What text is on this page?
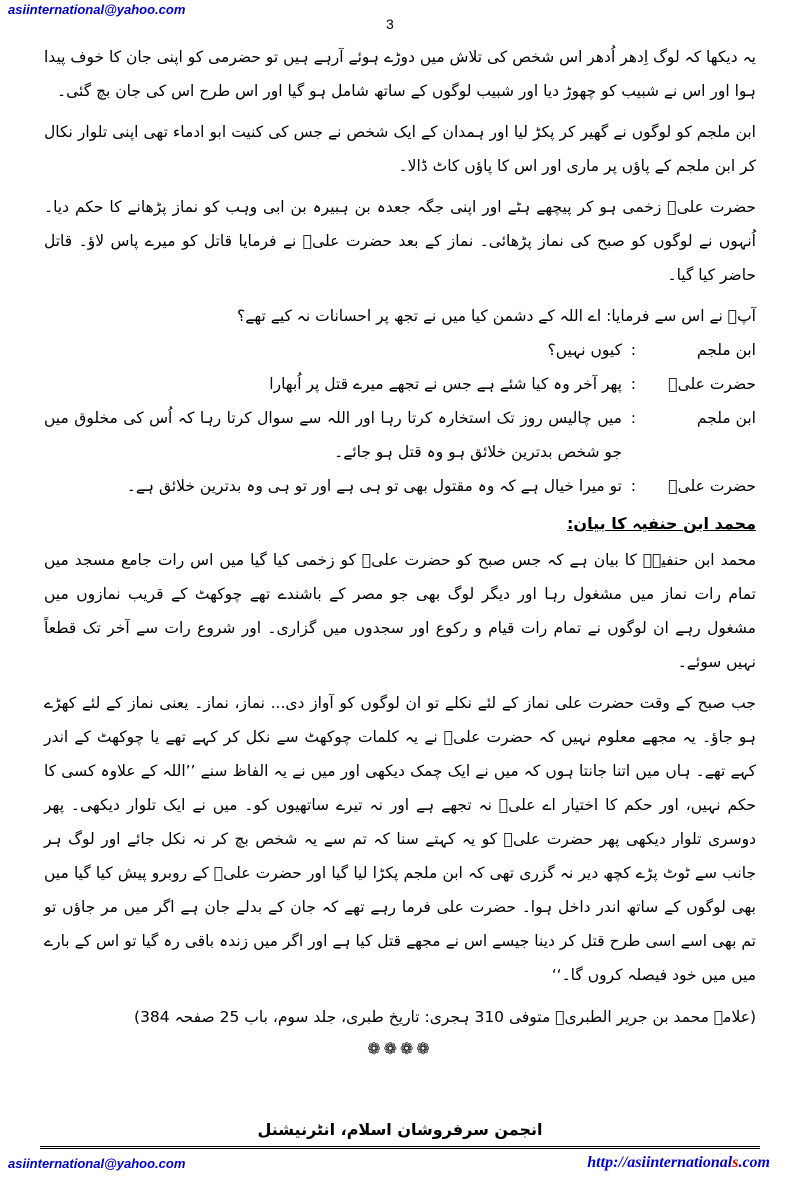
asiinternational@yahoo.com
3

یہ دیکھا کہ لوگ اِدھر اُدھر اس شخص کی تلاش میں دوڑے ہوئے آرہے ہیں تو حضرمی کو اپنی جان کا خوف پیدا ہوا اور اس نے شبیب کو چھوڑ دیا اور شبیب لوگوں کے ساتھ شامل ہو گیا اور اس طرح اس کی جان بچ گئی۔

ابن ملجم کو لوگوں نے گھیر کر پکڑ لیا اور ہمدان کے ایک شخص نے جس کی کنیت ابو ادماء تھی اپنی تلوار نکال کر ابن ملجم کے پاؤں پر ماری اور اس کا پاؤں کاٹ ڈالا۔

حضرت علیؑ زخمی ہو کر پیچھے ہٹے اور اپنی جگہ جعدہ بن ہبیرہ بن ابی وہب کو نماز پڑھانے کا حکم دیا۔ اُنہوں نے لوگوں کو صبح کی نماز پڑھائی۔ نماز کے بعد حضرت علیؑ نے فرمایا قاتل کو میرے پاس لاؤ۔ قاتل حاضر کیا گیا۔

آپؑ نے اس سے فرمایا: اے اللہ کے دشمن کیا میں نے تجھ پر احسانات نہ کیے تھے؟

ابن ملجم
:
کیوں نہیں؟
حضرت علیؑ
:
پھر آخر وہ کیا شئے ہے جس نے تجھے میرے قتل پر اُبھارا
ابن ملجم
:
میں چالیس روز تک استخارہ کرتا رہا اور اللہ سے سوال کرتا رہا کہ اُس کی مخلوق میں جو شخص بدترین خلائق ہو وہ قتل ہو جائے۔
حضرت علیؑ
:
تو میرا خیال ہے کہ وہ مقتول بھی تو ہی ہے اور تو ہی وہ بدترین خلائق ہے۔

محمد ابن حنفیہ کا بیان:

محمد ابن حنفیہؒ کا بیان ہے کہ جس صبح کو حضرت علیؑ کو زخمی کیا گیا میں اس رات جامع مسجد میں تمام رات نماز میں مشغول رہا اور دیگر لوگ بھی جو مصر کے باشندے تھے چوکھٹ کے قریب نمازوں میں مشغول رہے ان لوگوں نے تمام رات قیام و رکوع اور سجدوں میں گزاری۔ اور شروع رات سے آخر تک قطعاً نہیں سوئے۔

جب صبح کے وقت حضرت علی نماز کے لئے نکلے تو ان لوگوں کو آواز دی... نماز، نماز۔ یعنی نماز کے لئے کھڑے ہو جاؤ۔ یہ مجھے معلوم نہیں کہ حضرت علیؑ نے یہ کلمات چوکھٹ سے نکل کر کہے تھے یا چوکھٹ کے اندر کہے تھے۔ ہاں میں اتنا جانتا ہوں کہ میں نے ایک چمک دیکھی اور میں نے یہ الفاظ سنے ’’اللہ کے علاوہ کسی کا حکم نہیں، اور حکم کا اختیار اے علیؑ نہ تجھے ہے اور نہ تیرے ساتھیوں کو۔ میں نے ایک تلوار دیکھی۔ پھر دوسری تلوار دیکھی پھر حضرت علیؑ کو یہ کہتے سنا کہ تم سے یہ شخص بچ کر نہ نکل جائے اور لوگ ہر جانب سے ٹوٹ پڑے کچھ دیر نہ گزری تھی کہ ابن ملجم پکڑا لیا گیا اور حضرت علیؑ کے روبرو پیش کیا گیا میں بھی لوگوں کے ساتھ اندر داخل ہوا۔ حضرت علی فرما رہے تھے کہ جان کے بدلے جان ہے اگر میں مر جاؤں تو تم بھی اسے اسی طرح قتل کر دینا جیسے اس نے مجھے قتل کیا ہے اور اگر میں زندہ باقی رہ گیا تو اس کے بارے میں میں خود فیصلہ کروں گا۔‘‘

(علامہ محمد بن جریر الطبریؒ متوفی 310 ہجری: تاریخ طبری، جلد سوم، باب 25 صفحہ 384)

❁❁❁❁
انجمن سرفروشان اسلام، انٹرنیشنل
asiinternational@yahoo.com	http://asiinternationals.com
